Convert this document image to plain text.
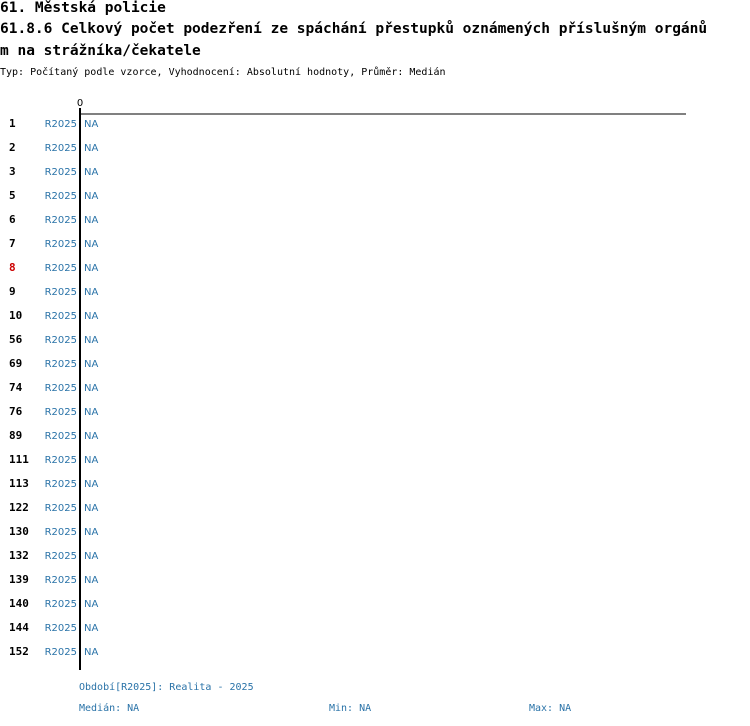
61. Městská policie
61.8.6 Celkový počet podezření ze spáchání přestupků oznámených příslušným orgánů
m na strážníka/čekatele
Typ: Počítaný podle vzorce, Vyhodnocení: Absolutní hodnoty, Průměr: Medián
0
1	R2025 NA
2	R2025 NA
3	R2025 NA
5	R2025 NA
6	R2025 NA
7	R2025 NA
8	R2025 NA
9	R2025 NA
10 R2025 NA
56 R2025 NA
69 R2025 NA
74 R2025 NA
76 R2025 NA
89 R2025 NA
111 R2025 NA
113 R2025 NA
122 R2025 NA
130 R2025 NA
132 R2025 NA
139 R2025 NA
140 R2025 NA
144 R2025 NA
152 R2025 NA
Období[R2025]: Realita - 2025
Medián: NA	Min: NA	Max: NA
